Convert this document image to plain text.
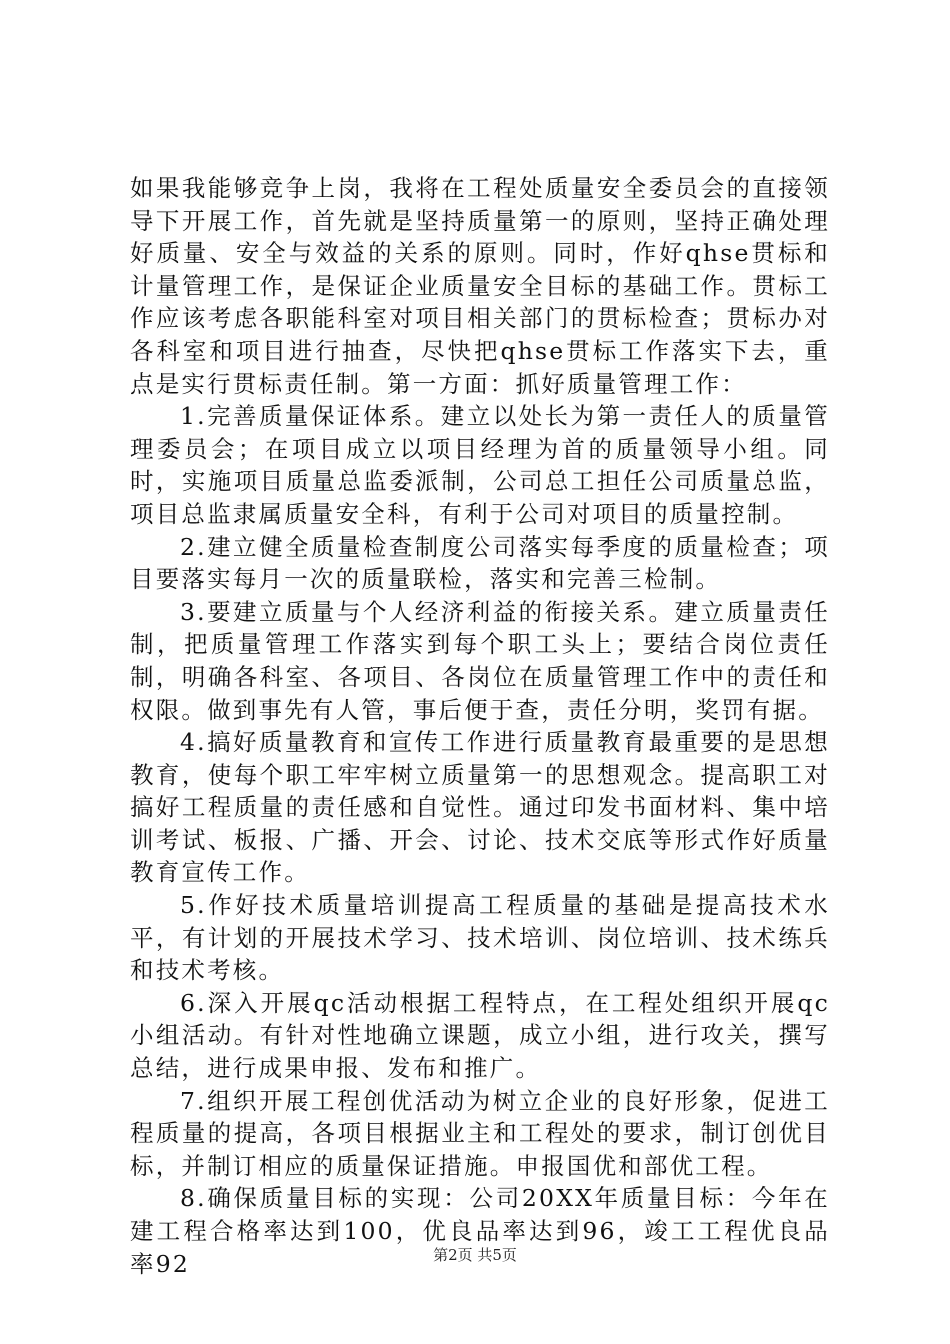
如果我能够竞争上岗，我将在工程处质量安全委员会的直接领导下开展工作，首先就是坚持质量第一的原则，坚持正确处理好质量、安全与效益的关系的原则。同时，作好qhse贯标和计量管理工作，是保证企业质量安全目标的基础工作。贯标工作应该考虑各职能科室对项目相关部门的贯标检查；贯标办对各科室和项目进行抽查，尽快把qhse贯标工作落实下去，重点是实行贯标责任制。第一方面：抓好质量管理工作：

1.完善质量保证体系。建立以处长为第一责任人的质量管理委员会；在项目成立以项目经理为首的质量领导小组。同时，实施项目质量总监委派制，公司总工担任公司质量总监，项目总监隶属质量安全科，有利于公司对项目的质量控制。

2.建立健全质量检查制度公司落实每季度的质量检查；项目要落实每月一次的质量联检，落实和完善三检制。

3.要建立质量与个人经济利益的衔接关系。建立质量责任制，把质量管理工作落实到每个职工头上；要结合岗位责任制，明确各科室、各项目、各岗位在质量管理工作中的责任和权限。做到事先有人管，事后便于查，责任分明，奖罚有据。

4.搞好质量教育和宣传工作进行质量教育最重要的是思想教育，使每个职工牢牢树立质量第一的思想观念。提高职工对搞好工程质量的责任感和自觉性。通过印发书面材料、集中培训考试、板报、广播、开会、讨论、技术交底等形式作好质量教育宣传工作。

5.作好技术质量培训提高工程质量的基础是提高技术水平，有计划的开展技术学习、技术培训、岗位培训、技术练兵和技术考核。

6.深入开展qc活动根据工程特点，在工程处组织开展qc小组活动。有针对性地确立课题，成立小组，进行攻关，撰写总结，进行成果申报、发布和推广。

7.组织开展工程创优活动为树立企业的良好形象，促进工程质量的提高，各项目根据业主和工程处的要求，制订创优目标，并制订相应的质量保证措施。申报国优和部优工程。

8.确保质量目标的实现：公司20XX年质量目标：今年在建工程合格率达到100，优良品率达到96，竣工工程优良品率92	第2页 共5页
